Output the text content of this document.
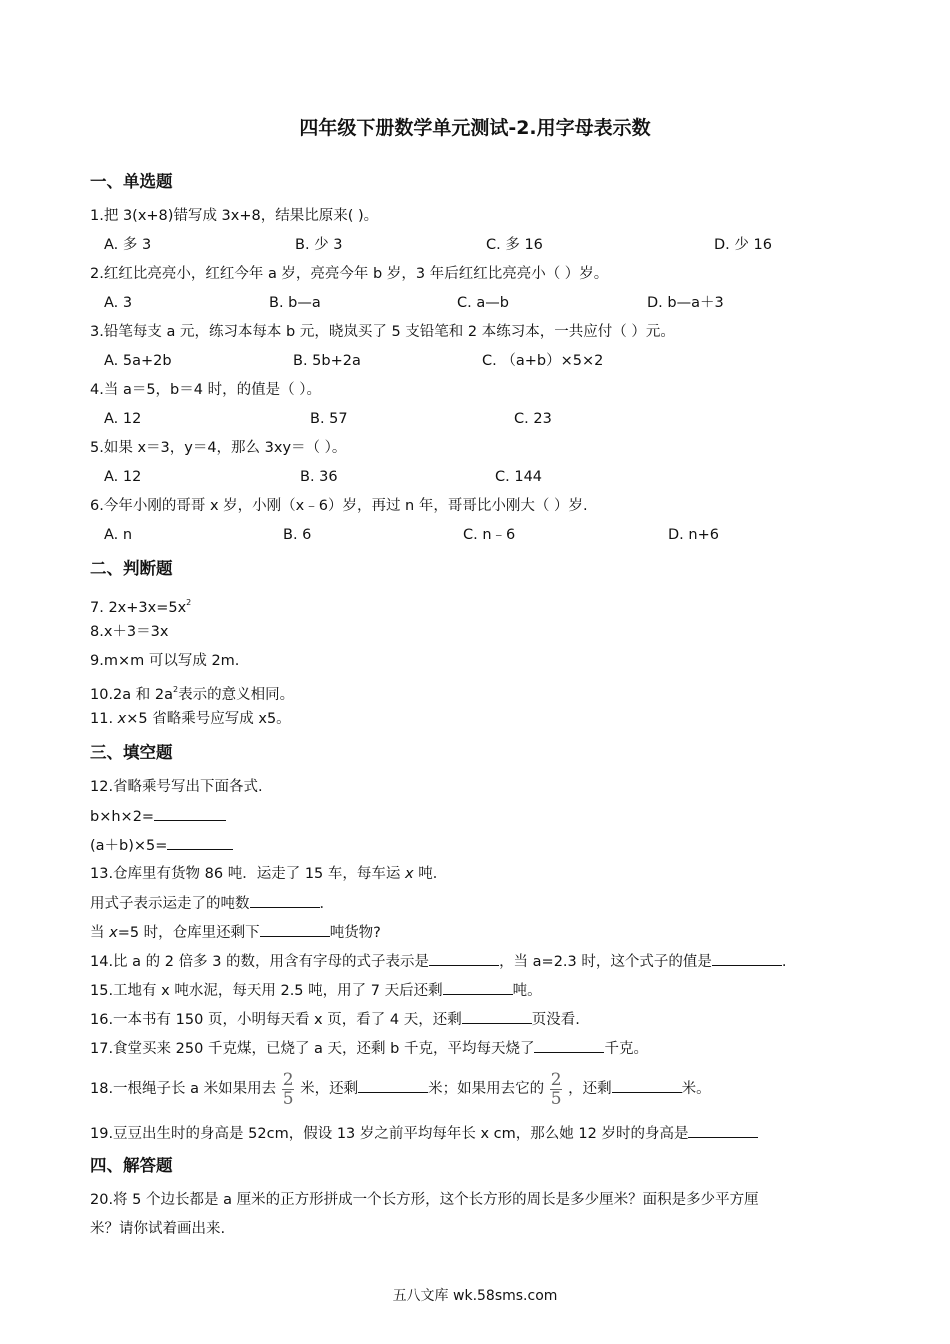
四年级下册数学单元测试-2.用字母表示数
一、单选题
1.把 3(x+8)错写成 3x+8，结果比原来( )。
A. 多 3	B. 少 3	C. 多 16	D. 少 16
2.红红比亮亮小，红红今年 a 岁，亮亮今年 b 岁，3 年后红红比亮亮小（ ）岁。
A. 3	B. b—a	C. a—b	D. b—a＋3
3.铅笔每支 a 元，练习本每本 b 元，晓岚买了 5 支铅笔和 2 本练习本，一共应付（ ）元。
A. 5a+2b	B. 5b+2a	C. （a+b）×5×2
4.当 a＝5，b＝4 时，的值是（ ）。
A. 12	B. 57	C. 23
5.如果 x＝3，y＝4，那么 3xy＝（ ）。
A. 12	B. 36	C. 144
6.今年小刚的哥哥 x 岁，小刚（x﹣6）岁，再过 n 年，哥哥比小刚大（ ）岁.
A. n	B. 6	C. n﹣6	D. n+6
二、判断题
7. $2x+3x=5x^2$
8.x＋3＝3x
9.m×m 可以写成 2m.
10.2a 和 $2a^2$表示的意义相同。
11. x×5 省略乘号应写成 x5。
三、填空题
12.省略乘号写出下面各式.
b×h×2=
(a＋b)×5=
13.仓库里有货物 86 吨．运走了 15 车，每车运 x 吨．
用式子表示运走了的吨数	．
当 x=5 时，仓库里还剩下	吨货物?
14.比 a 的 2 倍多 3 的数，用含有字母的式子表示是	，当 a=2.3 时，这个式子的值是	.
15.工地有 x 吨水泥，每天用 2.5 吨，用了 7 天后还剩	吨。
16.一本书有 150 页，小明每天看 x 页，看了 4 天，还剩	页没看.
17.食堂买来 250 千克煤，已烧了 a 天，还剩 b 千克，平均每天烧了	千克。
18.一根绳子长 a 米如果用去 $\frac{2}{5}$ 米，还剩	米；如果用去它的 $\frac{2}{5}$ ，还剩	米。
19.豆豆出生时的身高是 52cm，假设 13 岁之前平均每年长 x cm，那么她 12 岁时的身高是
四、解答题
20.将 5 个边长都是 a 厘米的正方形拼成一个长方形，这个长方形的周长是多少厘米？面积是多少平方厘
米？请你试着画出来.
五八文库 wk.58sms.com
